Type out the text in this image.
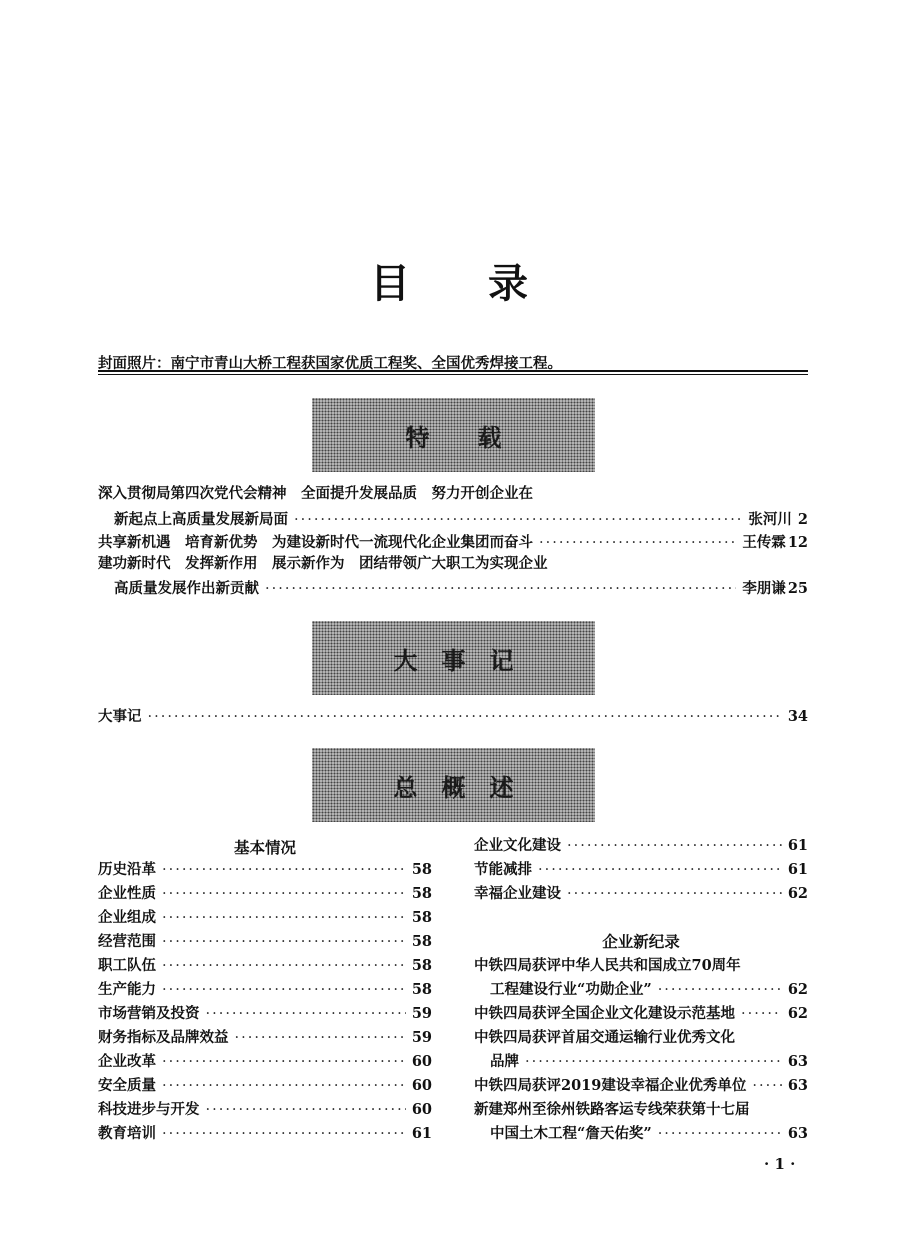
目录
封面照片：南宁市青山大桥工程获国家优质工程奖、全国优秀焊接工程。
特　　载
深入贯彻局第四次党代会精神　全面提升发展品质　努力开创企业在
新起点上高质量发展新局面 ·····	张河川 2
共享新机遇　培育新优势　为建设新时代一流现代化企业集团而奋斗 ·····	王传霖 12
建功新时代　发挥新作用　展示新作为　团结带领广大职工为实现企业
高质量发展作出新贡献 ·····	李朋谦 25
大　事　记
大事记 ·····	34
总　概　述
基本情况
历史沿革 ·····	58
企业性质 ·····	58
企业组成 ·····	58
经营范围 ·····	58
职工队伍 ·····	58
生产能力 ·····	58
市场营销及投资 ·····	59
财务指标及品牌效益 ·····	59
企业改革 ·····	60
安全质量 ·····	60
科技进步与开发 ·····	60
教育培训 ·····	61
企业文化建设 ·····	61
节能减排 ·····	61
幸福企业建设 ·····	62
企业新纪录
中铁四局获评中华人民共和国成立70周年
工程建设行业“功勋企业” ·····	62
中铁四局获评全国企业文化建设示范基地 ·····	62
中铁四局获评首届交通运输行业优秀文化
品牌 ·····	63
中铁四局获评2019建设幸福企业优秀单位 ·····	63
新建郑州至徐州铁路客运专线荣获第十七届
中国土木工程“詹天佑奖” ·····	63
· 1 ·
